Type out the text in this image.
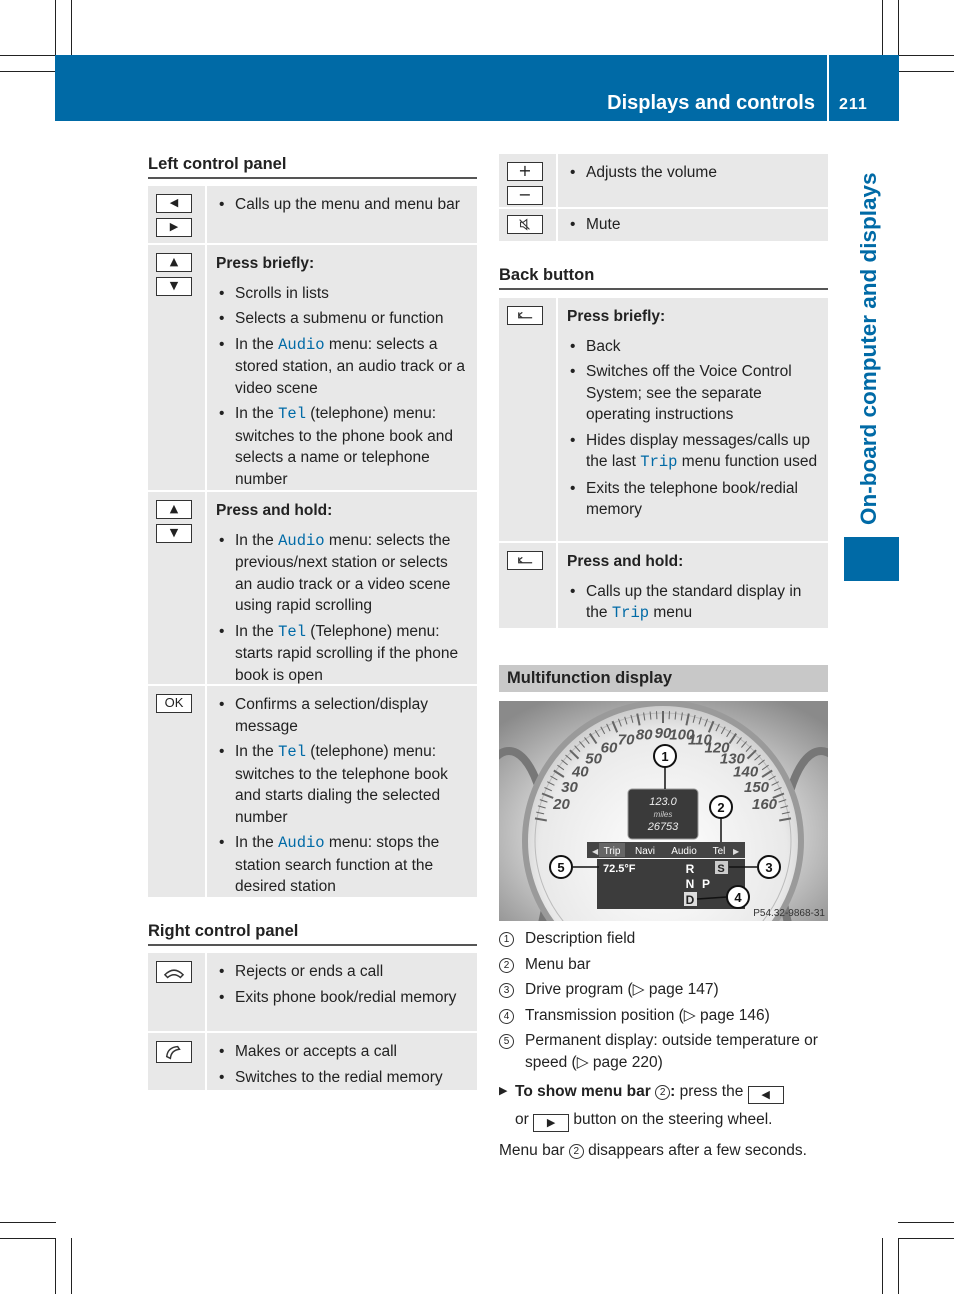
Displays and controls 211
On-board computer and displays
Left control panel
◀
▶
• Calls up the menu and menu bar
▲
▼
Press briefly:
• Scrolls in lists
• Selects a submenu or function
• In the Audio menu: selects a stored station, an audio track or a video scene
• In the Tel (telephone) menu: switches to the phone book and selects a name or telephone number
▲
▼
Press and hold:
• In the Audio menu: selects the previous/next station or selects an audio track or a video scene using rapid scrolling
• In the Tel (Telephone) menu: starts rapid scrolling if the phone book is open
OK
•	Confirms a selection/display message
• In the Tel (telephone) menu: switches to the telephone book and starts dialing the selected number
• In the Audio menu: stops the station search function at the desired station
Right control panel
• Rejects or ends a call
• Exits phone book/redial memory
• Makes or accepts a call
• Switches to the redial memory
+
−
• Adjusts the volume
• Mute
Back button
Press briefly:
• Back
• Switches off the Voice Control System; see the separate operating instructions
• Hides display messages/calls up the last Trip menu function used
• Exits the telephone book/redial memory
Press and hold:
• Calls up the standard display in the Trip menu
Multifunction display
20
30
40
50
60 70 80 90
100
110
120
130
140
150
160
123.0
miles
26753
◀ Trip Navi Audio Tel ▶
72.5°F	R
N P
D
S
1
2
3
4
5
P54.32-9868-31
1	Description field
2	Menu bar
3	Drive program (▷ page 147)
4	Transmission position (▷ page 146)
5	Permanent display: outside temperature or speed (▷ page 220)
▶ To show menu bar 2 : press the ◀
or ▶ button on the steering wheel.
Menu bar 2 disappears after a few seconds.
